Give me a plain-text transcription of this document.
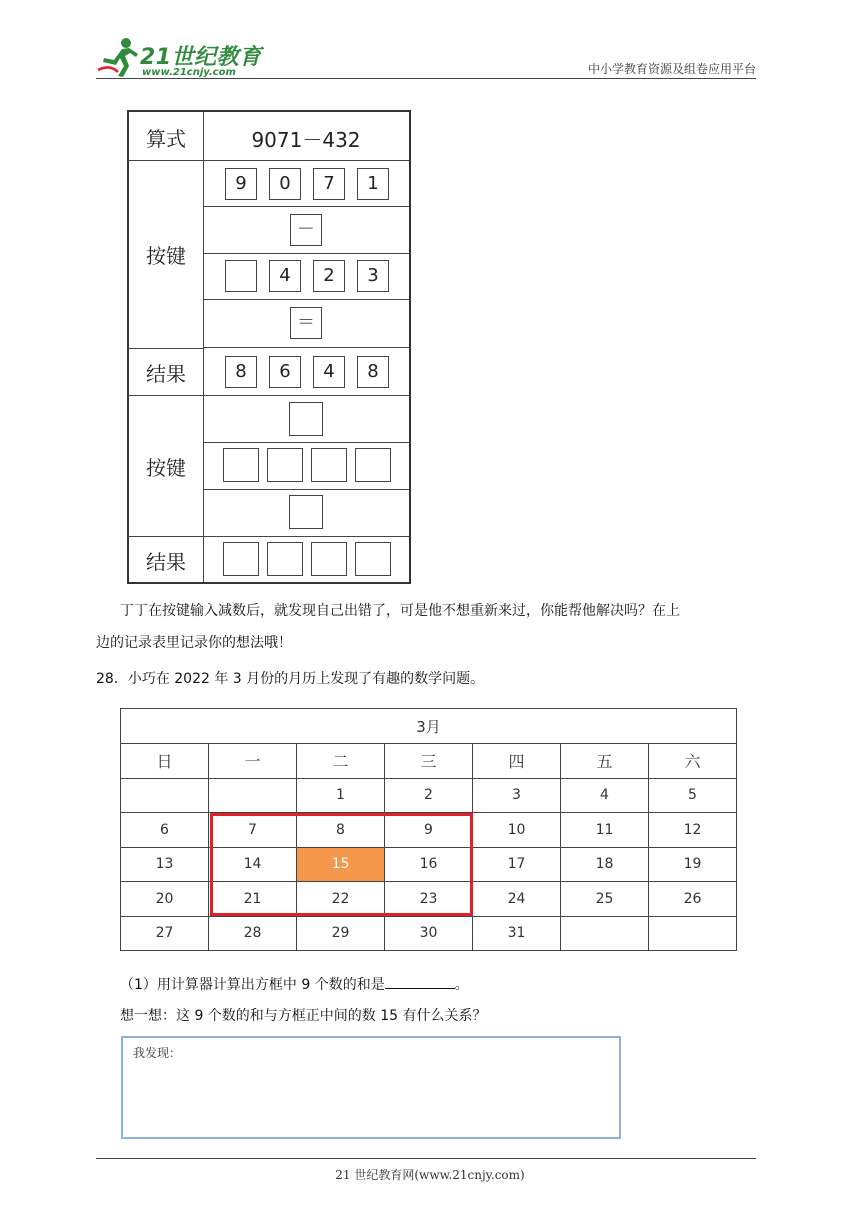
21世纪教育
www.21cnjy.com	中小学教育资源及组卷应用平台
算式	9071－432
按键
9	0	7	1
－
4	2	3
＝
结果	8	6	4	8
按键
结果
丁丁在按键输入减数后，就发现自己出错了，可是他不想重新来过，你能帮他解决吗？在上
边的记录表里记录你的想法哦！
28．小巧在 2022 年 3 月份的月历上发现了有趣的数学问题。
3月						
日	一	二	三	四	五	六
		1	2	3	4	5
6	7	8	9	10	11	12
13	14	15	16	17	18	19
20	21	22	23	24	25	26
27	28	29	30	31		
（1）用计算器计算出方框中 9 个数的和是	。
想一想：这 9 个数的和与方框正中间的数 15 有什么关系？
我发现：
21 世纪教育网(www.21cnjy.com)
